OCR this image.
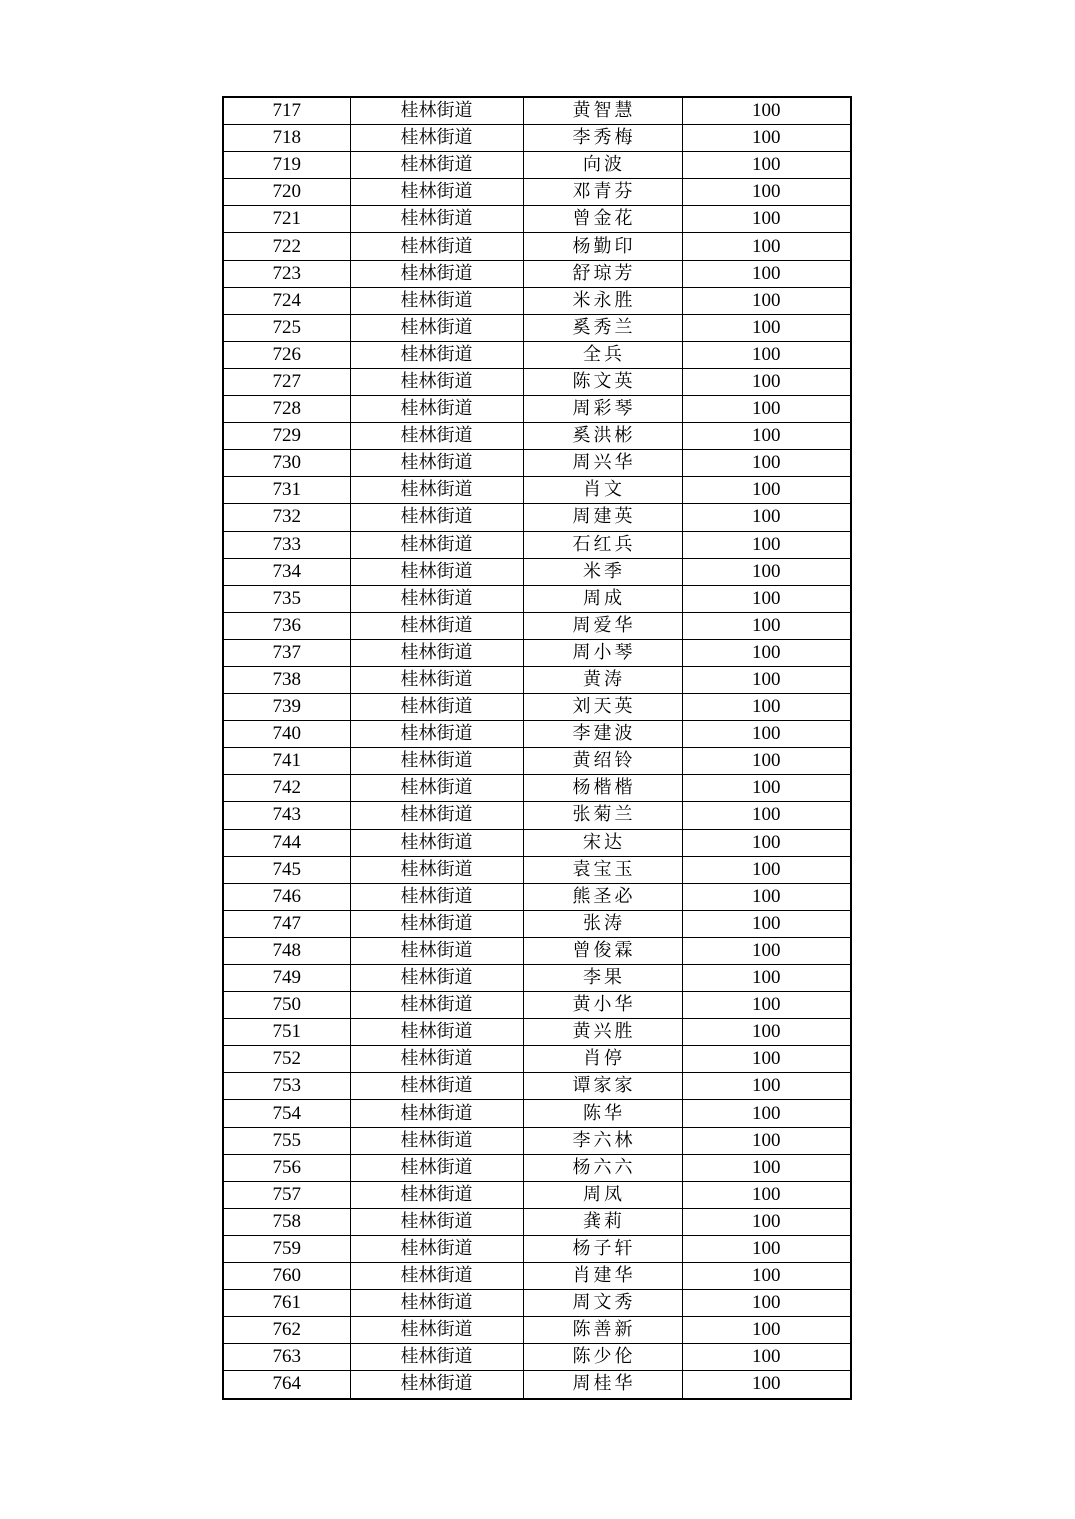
717	桂林街道	黄智慧	100
718	桂林街道	李秀梅	100
719	桂林街道	向波	100
720	桂林街道	邓青芬	100
721	桂林街道	曾金花	100
722	桂林街道	杨勤印	100
723	桂林街道	舒琼芳	100
724	桂林街道	米永胜	100
725	桂林街道	奚秀兰	100
726	桂林街道	全兵	100
727	桂林街道	陈文英	100
728	桂林街道	周彩琴	100
729	桂林街道	奚洪彬	100
730	桂林街道	周兴华	100
731	桂林街道	肖文	100
732	桂林街道	周建英	100
733	桂林街道	石红兵	100
734	桂林街道	米季	100
735	桂林街道	周成	100
736	桂林街道	周爱华	100
737	桂林街道	周小琴	100
738	桂林街道	黄涛	100
739	桂林街道	刘天英	100
740	桂林街道	李建波	100
741	桂林街道	黄绍铃	100
742	桂林街道	杨楷楷	100
743	桂林街道	张菊兰	100
744	桂林街道	宋达	100
745	桂林街道	袁宝玉	100
746	桂林街道	熊圣必	100
747	桂林街道	张涛	100
748	桂林街道	曾俊霖	100
749	桂林街道	李果	100
750	桂林街道	黄小华	100
751	桂林街道	黄兴胜	100
752	桂林街道	肖停	100
753	桂林街道	谭家家	100
754	桂林街道	陈华	100
755	桂林街道	李六林	100
756	桂林街道	杨六六	100
757	桂林街道	周凤	100
758	桂林街道	龚莉	100
759	桂林街道	杨子轩	100
760	桂林街道	肖建华	100
761	桂林街道	周文秀	100
762	桂林街道	陈善新	100
763	桂林街道	陈少伦	100
764	桂林街道	周桂华	100
